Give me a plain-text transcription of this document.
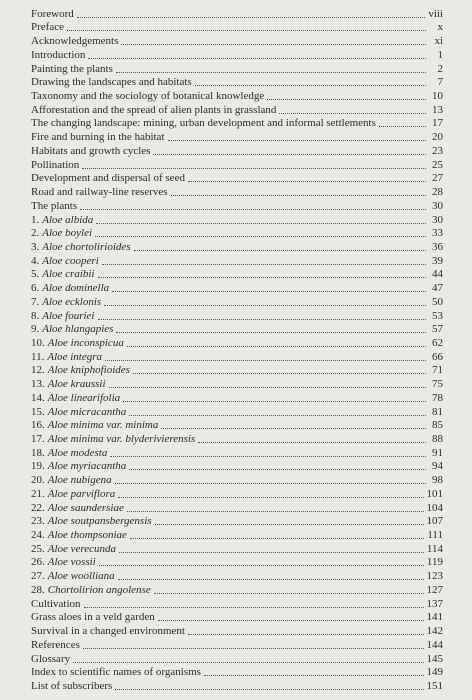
Foreword	viii
Preface	x
Acknowledgements	xi
Introduction	1
Painting the plants	2
Drawing the landscapes and habitats	7
Taxonomy and the sociology of botanical knowledge	10
Afforestation and the spread of alien plants in grassland	13
The changing landscape: mining, urban development and informal settlements	17
Fire and burning in the habitat	20
Habitats and growth cycles	23
Pollination	25
Development and dispersal of seed	27
Road and railway-line reserves	28
The plants	30
1. Aloe albida	30
2. Aloe boylei	33
3. Aloe chortolirioides	36
4. Aloe cooperi	39
5. Aloe craibii	44
6. Aloe dominella	47
7. Aloe ecklonis	50
8. Aloe fouriei	53
9. Aloe hlangapies	57
10. Aloe inconspicua	62
11. Aloe integra	66
12. Aloe kniphofioides	71
13. Aloe kraussii	75
14. Aloe linearifolia	78
15. Aloe micracantha	81
16. Aloe minima var. minima	85
17. Aloe minima var. blyderivierensis	88
18. Aloe modesta	91
19. Aloe myriacantha	94
20. Aloe nubigena	98
21. Aloe parviflora	101
22. Aloe saundersiae	104
23. Aloe soutpansbergensis	107
24. Aloe thompsoniae	111
25. Aloe verecunda	114
26. Aloe vossii	119
27. Aloe woolliana	123
28. Chortolirion angolense	127
Cultivation	137
Grass aloes in a veld garden	141
Survival in a changed environment	142
References	144
Glossary	145
Index to scientific names of organisms	149
List of subscribers	151
